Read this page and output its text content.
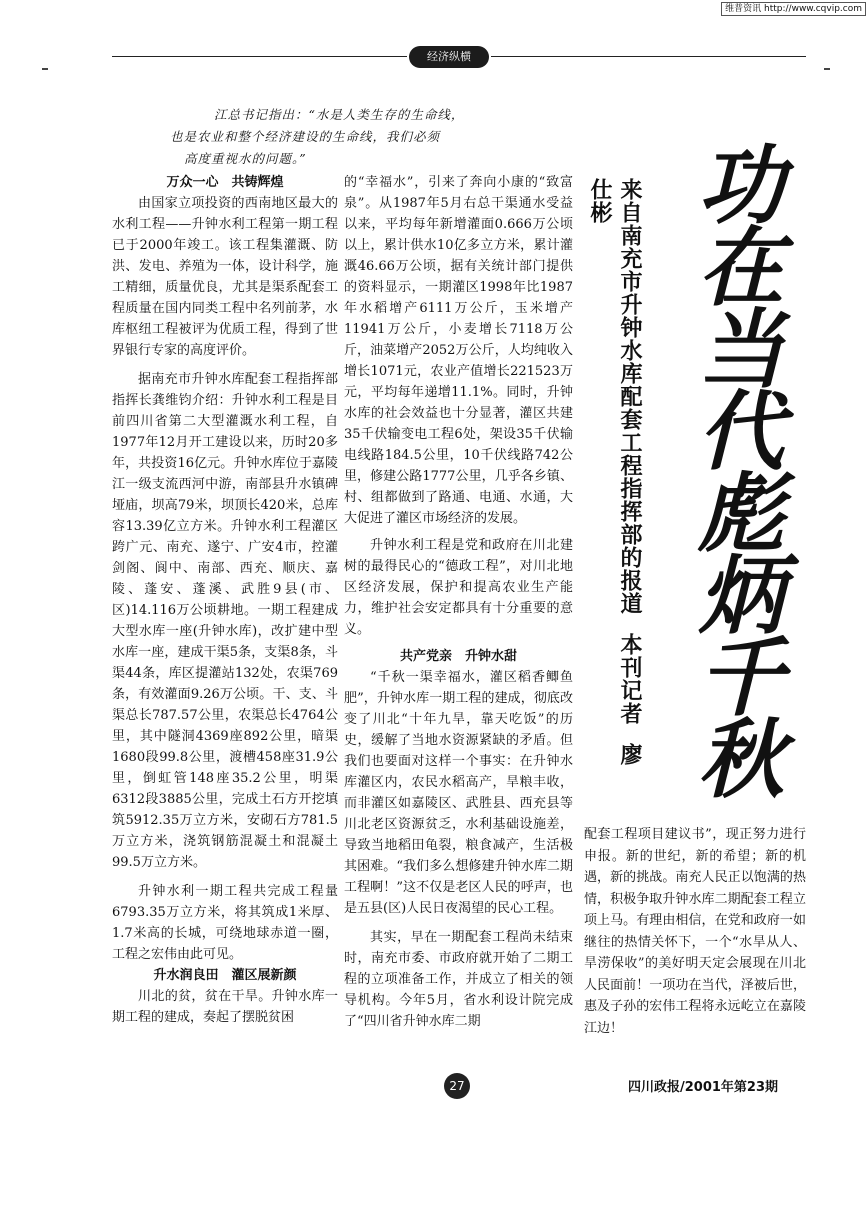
维普资讯 http://www.cqvip.com
经济纵横
江总书记指出：“水是人类生存的生命线，
也是农业和整个经济建设的生命线，我们必须
高度重视水的问题。”
万众一心　共铸辉煌

由国家立项投资的西南地区最大的水利工程——升钟水利工程第一期工程已于2000年竣工。该工程集灌溉、防洪、发电、养殖为一体，设计科学，施工精细，质量优良，尤其是渠系配套工程质量在国内同类工程中名列前茅，水库枢纽工程被评为优质工程，得到了世界银行专家的高度评价。

据南充市升钟水库配套工程指挥部指挥长龚维钧介绍：升钟水利工程是目前四川省第二大型灌溉水利工程，自1977年12月开工建设以来，历时20多年，共投资16亿元。升钟水库位于嘉陵江一级支流西河中游，南部县升水镇碑垭庙，坝高79米，坝顶长420米，总库容13.39亿立方米。升钟水利工程灌区跨广元、南充、遂宁、广安4市，控灌剑阁、阆中、南部、西充、顺庆、嘉陵、蓬安、蓬溪、武胜9县(市、区)14.116万公顷耕地。一期工程建成大型水库一座(升钟水库)，改扩建中型水库一座，建成干渠5条，支渠8条，斗渠44条，库区提灌站132处，农渠769条，有效灌面9.26万公顷。干、支、斗渠总长787.57公里，农渠总长4764公里，其中隧洞4369座892公里，暗渠1680段99.8公里，渡槽458座31.9公里，倒虹管148座35.2公里，明渠6312段3885公里，完成土石方开挖填筑5912.35万立方米，安砌石方781.5万立方米，浇筑钢筋混凝土和混凝土99.5万立方米。

升钟水利一期工程共完成工程量6793.35万立方米，将其筑成1米厚、1.7米高的长城，可绕地球赤道一圈，工程之宏伟由此可见。

升水润良田　灌区展新颜

川北的贫，贫在干旱。升钟水库一期工程的建成，奏起了摆脱贫困

的“幸福水”，引来了奔向小康的“致富泉”。从1987年5月右总干渠通水受益以来，平均每年新增灌面0.666万公顷以上，累计供水10亿多立方米，累计灌溉46.66万公顷，据有关统计部门提供的资料显示，一期灌区1998年比1987年水稻增产6111万公斤，玉米增产11941万公斤，小麦增长7118万公斤，油菜增产2052万公斤，人均纯收入增长1071元，农业产值增长221523万元，平均每年递增11.1%。同时，升钟水库的社会效益也十分显著，灌区共建35千伏输变电工程6处，架设35千伏输电线路184.5公里，10千伏线路742公里，修建公路1777公里，几乎各乡镇、村、组都做到了路通、电通、水通，大大促进了灌区市场经济的发展。

升钟水利工程是党和政府在川北建树的最得民心的“德政工程”，对川北地区经济发展，保护和提高农业生产能力，维护社会安定都具有十分重要的意义。

共产党亲　升钟水甜

“千秋一渠幸福水，灌区稻香鲫鱼肥”，升钟水库一期工程的建成，彻底改变了川北“十年九旱，靠天吃饭”的历史，缓解了当地水资源紧缺的矛盾。但我们也要面对这样一个事实：在升钟水库灌区内，农民水稻高产，旱粮丰收，而非灌区如嘉陵区、武胜县、西充县等川北老区资源贫乏，水利基础设施差，导致当地稻田龟裂，粮食减产，生活极其困难。“我们多么想修建升钟水库二期工程啊！”这不仅是老区人民的呼声，也是五县(区)人民日夜渴望的民心工程。

其实，早在一期配套工程尚未结束时，南充市委、市政府就开始了二期工程的立项准备工作，并成立了相关的领导机构。今年5月，省水利设计院完成了“四川省升钟水库二期

来自南充市升钟水库配套工程指挥部的报道本刊记者廖仕彬 功在当代彪炳千秋

配套工程项目建议书”，现正努力进行申报。新的世纪，新的希望；新的机遇，新的挑战。南充人民正以饱满的热情，积极争取升钟水库二期配套工程立项上马。有理由相信，在党和政府一如继往的热情关怀下，一个“水旱从人、旱涝保收”的美好明天定会展现在川北人民面前！一项功在当代，泽被后世，惠及子孙的宏伟工程将永远屹立在嘉陵江边！

27	四川政报/2001年第23期
